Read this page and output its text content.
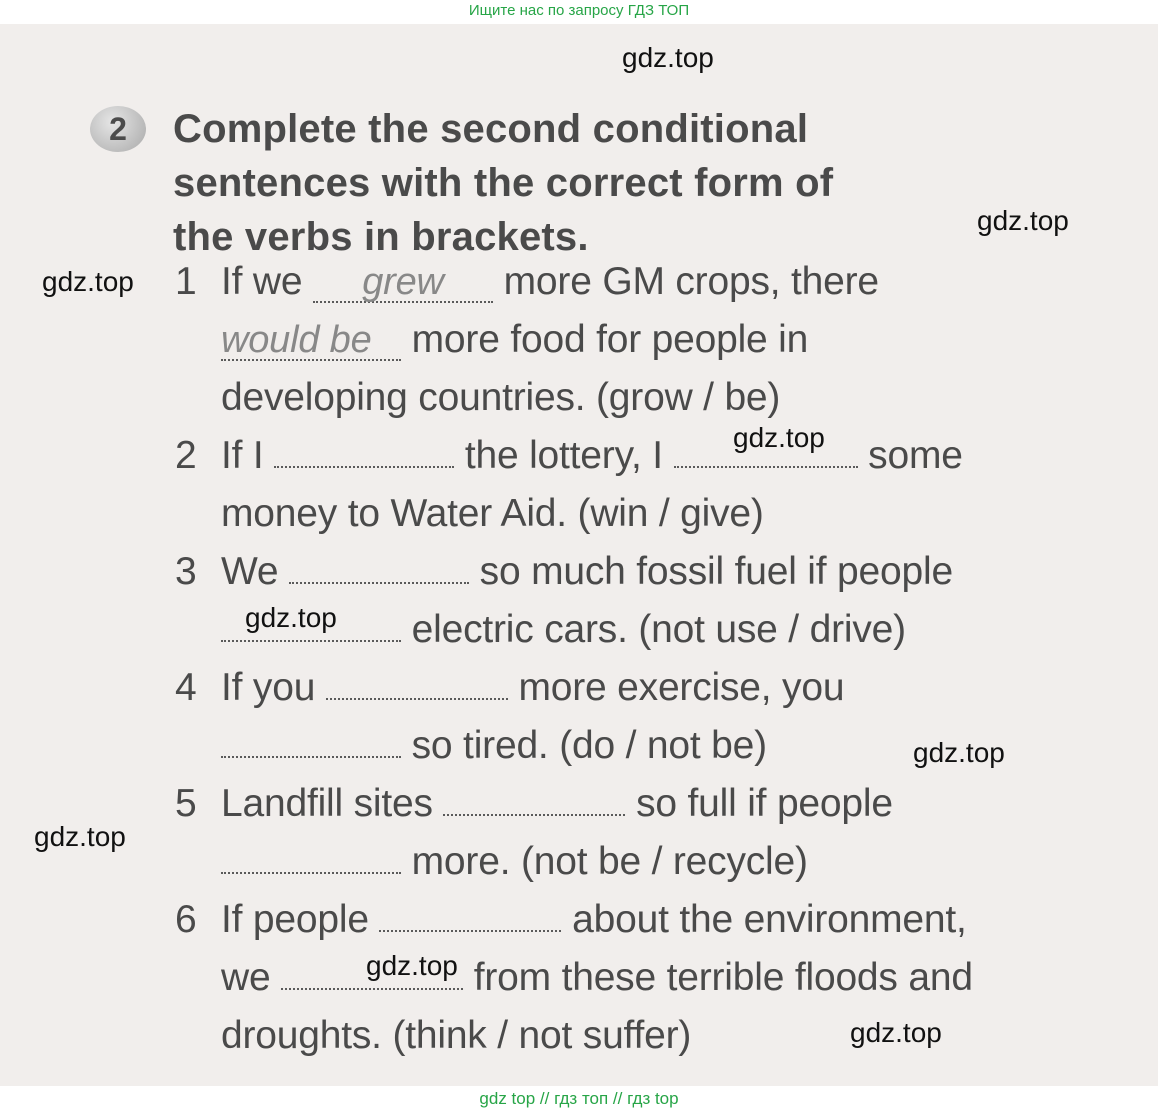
Ищите нас по запросу ГДЗ ТОП
2	Complete the second conditional
sentences with the correct form of
the verbs in brackets.
1 If we grew more GM crops, there
would be more food for people in
developing countries. (grow / be)
2 If I	the lottery, I	some
money to Water Aid. (win / give)
3 We	so much fossil fuel if people
electric cars. (not use / drive)
4 If you	more exercise, you
so tired. (do / not be)
5 Landfill sites	so full if people
more. (not be / recycle)
6 If people	about the environment,
we	from these terrible floods and
droughts. (think / not suffer)
gdz.top
gdz.top
gdz.top
gdz.top
gdz.top
gdz.top
gdz.top
gdz.top
gdz.top
gdz top // гдз топ // гдз top
